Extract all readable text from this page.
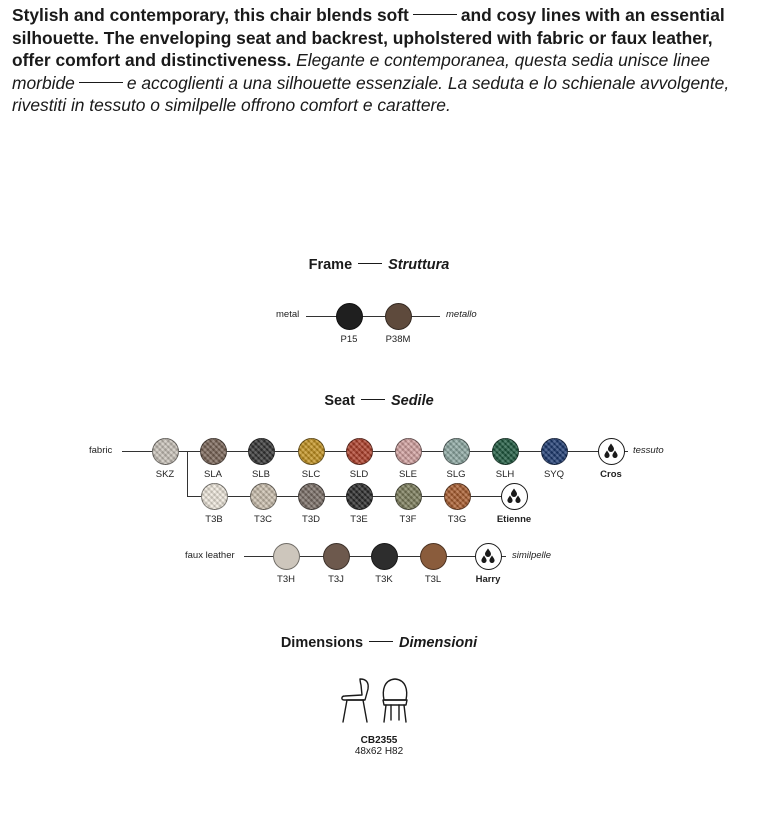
Stylish and contemporary, this chair blends soft	and cosy lines with an essential silhouette. The enveloping seat and backrest, upholstered with fabric or faux leather, offer comfort and distinctiveness. Elegante e contemporanea, questa sedia unisce linee morbide	e accoglienti a una silhouette essenziale. La seduta e lo schienale avvolgente, rivestiti in tessuto o similpelle offrono comfort e carattere.
Frame Struttura
metal	metallo
P15	P38M
Seat Sedile
fabric	tessuto
faux leather	similpelle
SKZ	SLA	SLB	SLC	SLD	SLE	SLG	SLH	SYQ	Cros
T3B	T3C	T3D	T3E	T3F	T3G	Etienne
T3H	T3J	T3K	T3L	Harry
Dimensions Dimensioni
CB2355
48x62 H82
